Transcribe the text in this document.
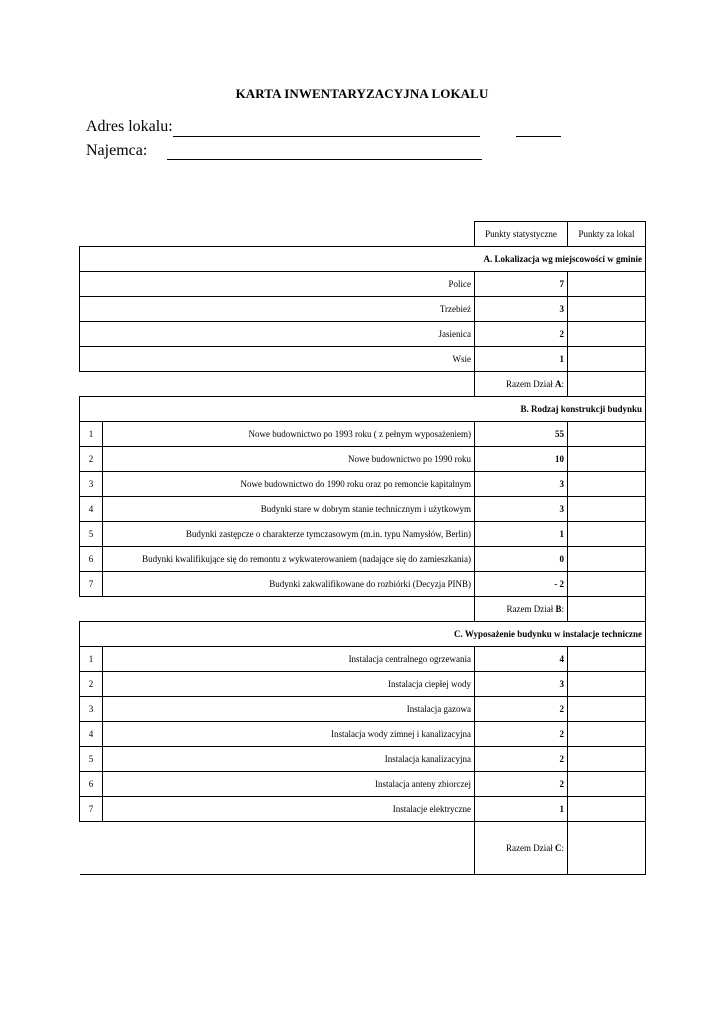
KARTA INWENTARYZACYJNA LOKALU
Adres lokalu:
Najemca:
		Punkty statystyczne	Punkty za lokal
A. Lokalizacja wg miejscowości w gminie			
Police		7	
Trzebież		3	
Jasienica		2	
Wsie		1	
		Razem Dział A:	
B. Rodzaj konstrukcji budynku			
1	Nowe budownictwo po 1993 roku ( z pełnym wyposażeniem)	55	
2	Nowe budownictwo po 1990 roku	10	
3	Nowe budownictwo do 1990 roku oraz po remoncie kapitalnym	3	
4	Budynki stare w dobrym stanie technicznym i użytkowym	3	
5	Budynki zastępcze o charakterze tymczasowym (m.in. typu Namysłów, Berlin)	1	
6	Budynki kwalifikujące się do remontu z wykwaterowaniem (nadające się do zamieszkania)	0	
7	Budynki zakwalifikowane do rozbiórki (Decyzja PINB)	- 2	
		Razem Dział B:	
C. Wyposażenie budynku w instalacje techniczne			
1	Instalacja centralnego ogrzewania	4	
2	Instalacja ciepłej wody	3	
3	Instalacja gazowa	2	
4	Instalacja wody zimnej i kanalizacyjna	2	
5	Instalacja kanalizacyjna	2	
6	Instalacja anteny zbiorczej	2	
7	Instalacje elektryczne	1	
		Razem Dział C:	
